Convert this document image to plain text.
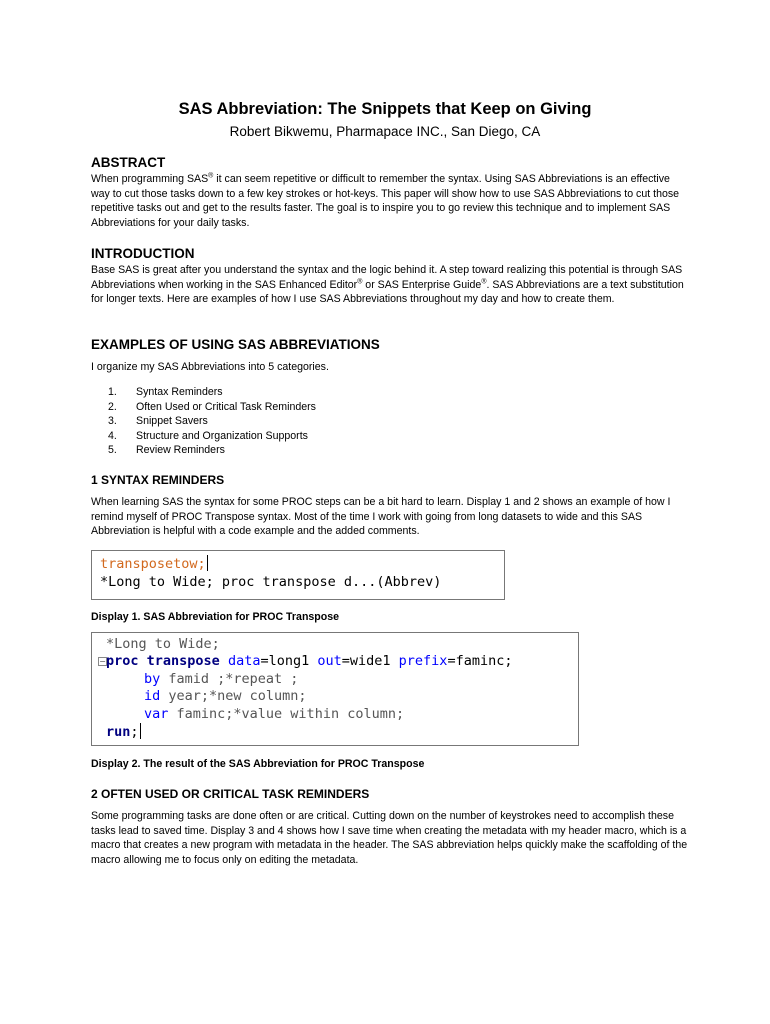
SAS Abbreviation: The Snippets that Keep on Giving
Robert Bikwemu, Pharmapace INC., San Diego, CA
ABSTRACT

When programming SAS® it can seem repetitive or difficult to remember the syntax. Using SAS Abbreviations is an effective way to cut those tasks down to a few key strokes or hot-keys. This paper will show how to use SAS Abbreviations to cut those repetitive tasks out and get to the results faster. The goal is to inspire you to go review this technique and to implement SAS Abbreviations for your daily tasks.

INTRODUCTION

Base SAS is great after you understand the syntax and the logic behind it. A step toward realizing this potential is through SAS Abbreviations when working in the SAS Enhanced Editor® or SAS Enterprise Guide®. SAS Abbreviations are a text substitution for longer texts. Here are examples of how I use SAS Abbreviations throughout my day and how to create them.

EXAMPLES OF USING SAS ABBREVIATIONS

I organize my SAS Abbreviations into 5 categories.

1.	Syntax Reminders
2.	Often Used or Critical Task Reminders
3.	Snippet Savers
4.	Structure and Organization Supports
5.	Review Reminders
1 SYNTAX REMINDERS

When learning SAS the syntax for some PROC steps can be a bit hard to learn. Display 1 and 2 shows an example of how I remind myself of PROC Transpose syntax. Most of the time I work with going from long datasets to wide and this SAS Abbreviation is helpful with a code example and the added comments.

transposetow;
*Long to Wide; proc transpose d...(Abbrev)

Display 1. SAS Abbreviation for PROC Transpose

*Long to Wide;
− proc transpose data=long1 out=wide1 prefix=faminc;
by famid ;*repeat ;
id year;*new column;
var faminc;*value within column;
run;

Display 2. The result of the SAS Abbreviation for PROC Transpose

2 OFTEN USED OR CRITICAL TASK REMINDERS

Some programming tasks are done often or are critical. Cutting down on the number of keystrokes need to accomplish these tasks lead to saved time. Display 3 and 4 shows how I save time when creating the metadata with my header macro, which is a macro that creates a new program with metadata in the header. The SAS abbreviation helps quickly make the scaffolding of the macro allowing me to focus only on editing the metadata.
